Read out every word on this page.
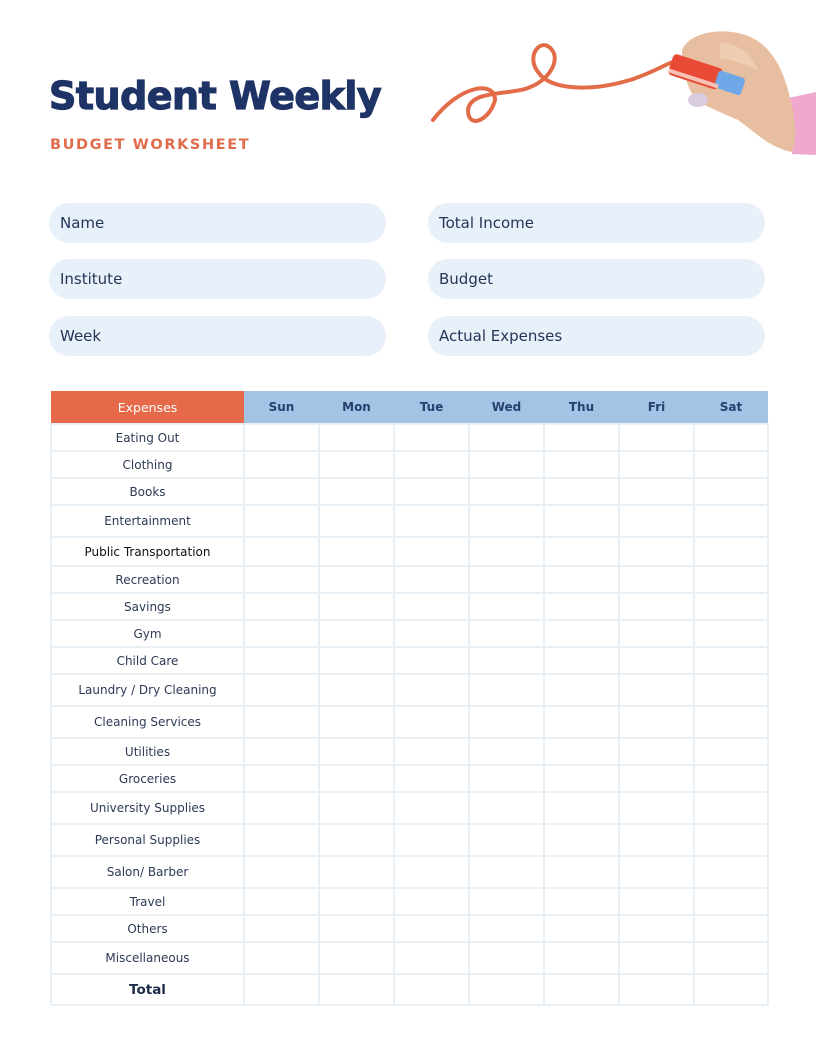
Student Weekly
BUDGET WORKSHEET
Name
Institute
Week
Total Income
Budget
Actual Expenses
Expenses	Sun	Mon	Tue	Wed	Thu	Fri	Sat
Eating Out							
Clothing							
Books							
Entertainment							
Public Transportation							
Recreation							
Savings							
Gym							
Child Care							
Laundry / Dry Cleaning							
Cleaning Services							
Utilities							
Groceries							
University Supplies							
Personal Supplies							
Salon/ Barber							
Travel							
Others							
Miscellaneous							
Total							
